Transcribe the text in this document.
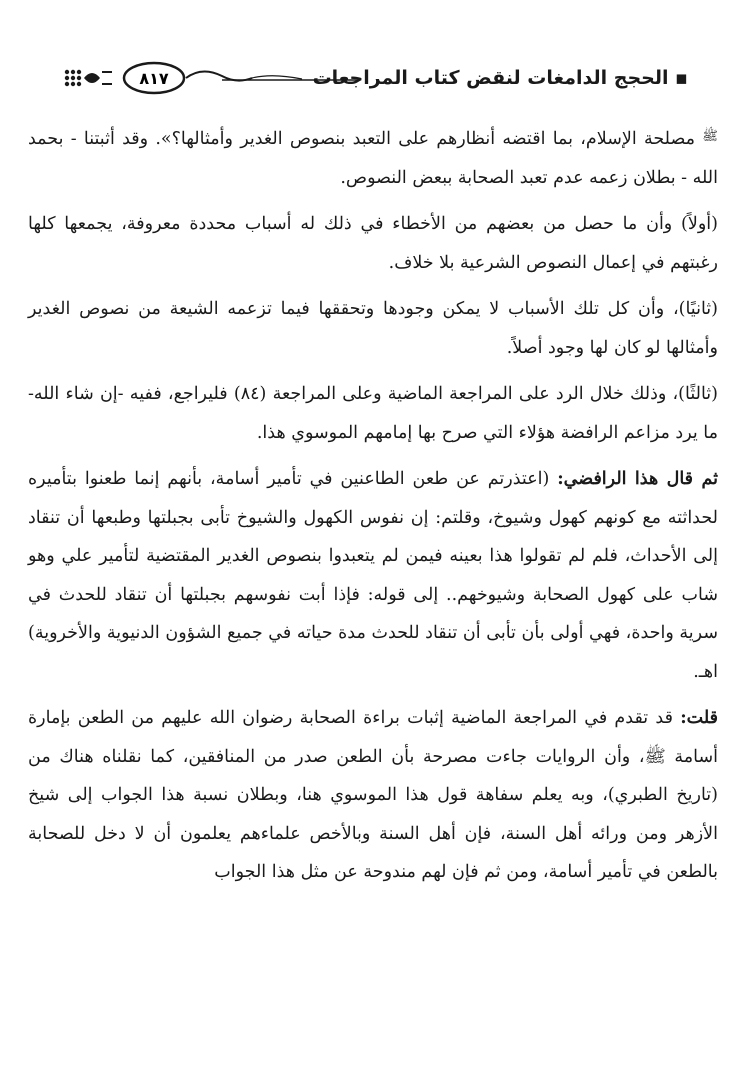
٨١٧	▪ الحجج الدامغات لنقض كتاب المراجعات

$^ﷺ$ مصلحة الإسلام، بما اقتضه أنظارهم على التعبد بنصوص الغدير وأمثالها؟». وقد أثبتنا - بحمد الله - بطلان زعمه عدم تعبد الصحابة ببعض النصوص.

(أولاً) وأن ما حصل من بعضهم من الأخطاء في ذلك له أسباب محددة معروفة، يجمعها كلها رغبتهم في إعمال النصوص الشرعية بلا خلاف.

(ثانيًا)، وأن كل تلك الأسباب لا يمكن وجودها وتحققها فيما تزعمه الشيعة من نصوص الغدير وأمثالها لو كان لها وجود أصلاً.

(ثالثًا)، وذلك خلال الرد على المراجعة الماضية وعلى المراجعة (٨٤) فليراجع، ففيه -إن شاء الله- ما يرد مزاعم الرافضة هؤلاء التي صرح بها إمامهم الموسوي هذا.

ثم قال هذا الرافضي: (اعتذرتم عن طعن الطاعنين في تأمير أسامة، بأنهم إنما طعنوا بتأميره لحداثته مع كونهم كهول وشيوخ، وقلتم: إن نفوس الكهول والشيوخ تأبى بجبلتها وطبعها أن تنقاد إلى الأحداث، فلم لم تقولوا هذا بعينه فيمن لم يتعبدوا بنصوص الغدير المقتضية لتأمير علي وهو شاب على كهول الصحابة وشيوخهم.. إلى قوله: فإذا أبت نفوسهم بجبلتها أن تنقاد للحدث في سرية واحدة، فهي أولى بأن تأبى أن تنقاد للحدث مدة حياته في جميع الشؤون الدنيوية والأخروية) اهـ.

قلت: قد تقدم في المراجعة الماضية إثبات براءة الصحابة رضوان الله عليهم من الطعن بإمارة أسامة ﷺ، وأن الروايات جاءت مصرحة بأن الطعن صدر من المنافقين، كما نقلناه هناك من (تاريخ الطبري)، وبه يعلم سفاهة قول هذا الموسوي هنا، وبطلان نسبة هذا الجواب إلى شيخ الأزهر ومن ورائه أهل السنة، فإن أهل السنة وبالأخص علماءهم يعلمون أن لا دخل للصحابة بالطعن في تأمير أسامة، ومن ثم فإن لهم مندوحة عن مثل هذا الجواب
